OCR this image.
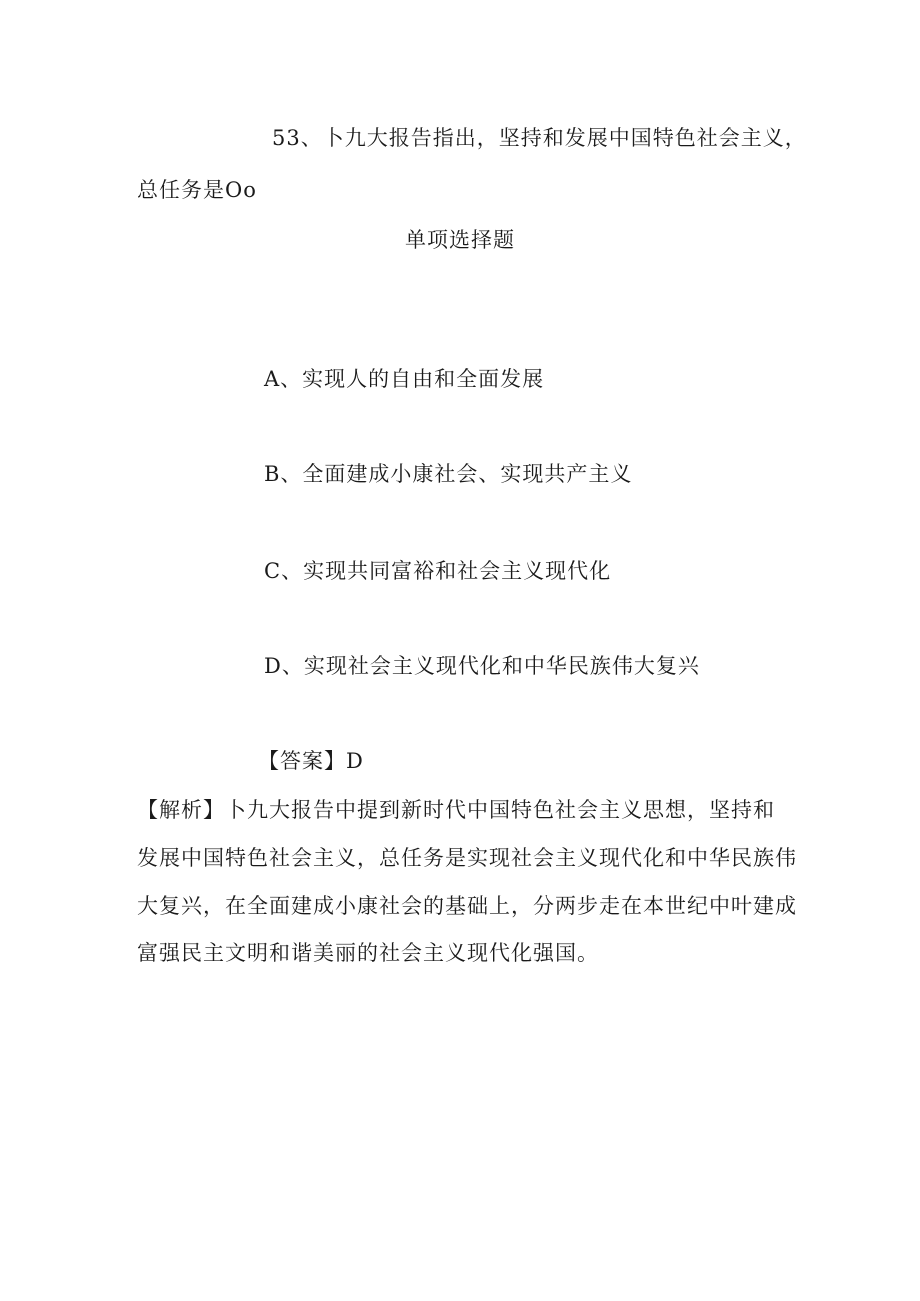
53、卜九大报告指出，坚持和发展中国特色社会主义，
总任务是Oo
单项选择题
A、实现人的自由和全面发展
B、全面建成小康社会、实现共产主义
C、实现共同富裕和社会主义现代化
D、实现社会主义现代化和中华民族伟大复兴
【答案】D
【解析】卜九大报告中提到新时代中国特色社会主义思想，坚持和
发展中国特色社会主义，总任务是实现社会主义现代化和中华民族伟
大复兴，在全面建成小康社会的基础上，分两步走在本世纪中叶建成
富强民主文明和谐美丽的社会主义现代化强国。
